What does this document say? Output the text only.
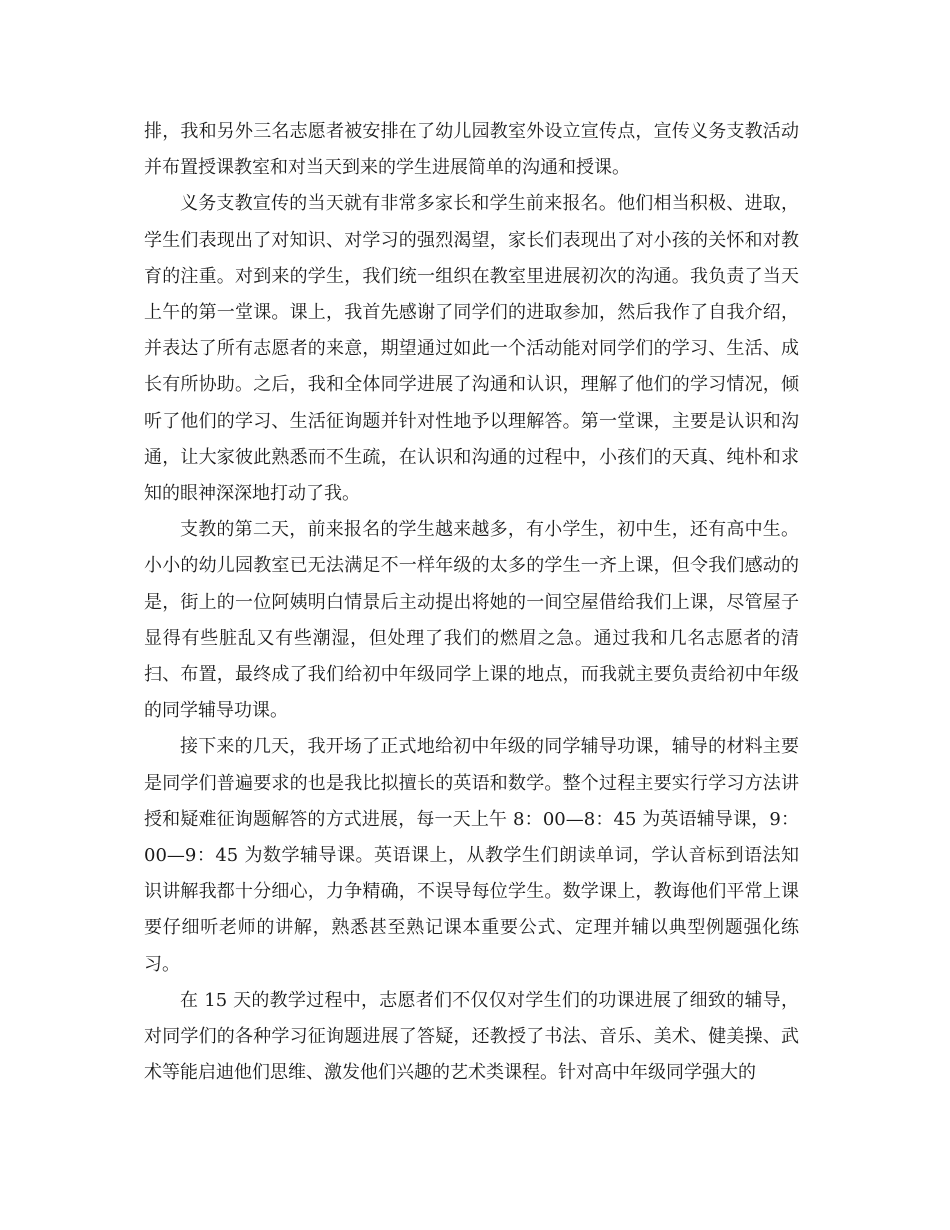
排，我和另外三名志愿者被安排在了幼儿园教室外设立宣传点，宣传义务支教活动并布置授课教室和对当天到来的学生进展简单的沟通和授课。

义务支教宣传的当天就有非常多家长和学生前来报名。他们相当积极、进取，学生们表现出了对知识、对学习的强烈渴望，家长们表现出了对小孩的关怀和对教育的注重。对到来的学生，我们统一组织在教室里进展初次的沟通。我负责了当天上午的第一堂课。课上，我首先感谢了同学们的进取参加，然后我作了自我介绍，并表达了所有志愿者的来意，期望通过如此一个活动能对同学们的学习、生活、成长有所协助。之后，我和全体同学进展了沟通和认识，理解了他们的学习情况，倾听了他们的学习、生活征询题并针对性地予以理解答。第一堂课，主要是认识和沟通，让大家彼此熟悉而不生疏，在认识和沟通的过程中，小孩们的天真、纯朴和求知的眼神深深地打动了我。

支教的第二天，前来报名的学生越来越多，有小学生，初中生，还有高中生。小小的幼儿园教室已无法满足不一样年级的太多的学生一齐上课，但令我们感动的是，街上的一位阿姨明白情景后主动提出将她的一间空屋借给我们上课，尽管屋子显得有些脏乱又有些潮湿，但处理了我们的燃眉之急。通过我和几名志愿者的清扫、布置，最终成了我们给初中年级同学上课的地点，而我就主要负责给初中年级的同学辅导功课。

接下来的几天，我开场了正式地给初中年级的同学辅导功课，辅导的材料主要是同学们普遍要求的也是我比拟擅长的英语和数学。整个过程主要实行学习方法讲授和疑难征询题解答的方式进展，每一天上午 8：00—8：45 为英语辅导课，9：00—9：45 为数学辅导课。英语课上，从教学生们朗读单词，学认音标到语法知识讲解我都十分细心，力争精确，不误导每位学生。数学课上，教诲他们平常上课要仔细听老师的讲解，熟悉甚至熟记课本重要公式、定理并辅以典型例题强化练习。

在 15 天的教学过程中，志愿者们不仅仅对学生们的功课进展了细致的辅导，对同学们的各种学习征询题进展了答疑，还教授了书法、音乐、美术、健美操、武术等能启迪他们思维、激发他们兴趣的艺术类课程。针对高中年级同学强大的
